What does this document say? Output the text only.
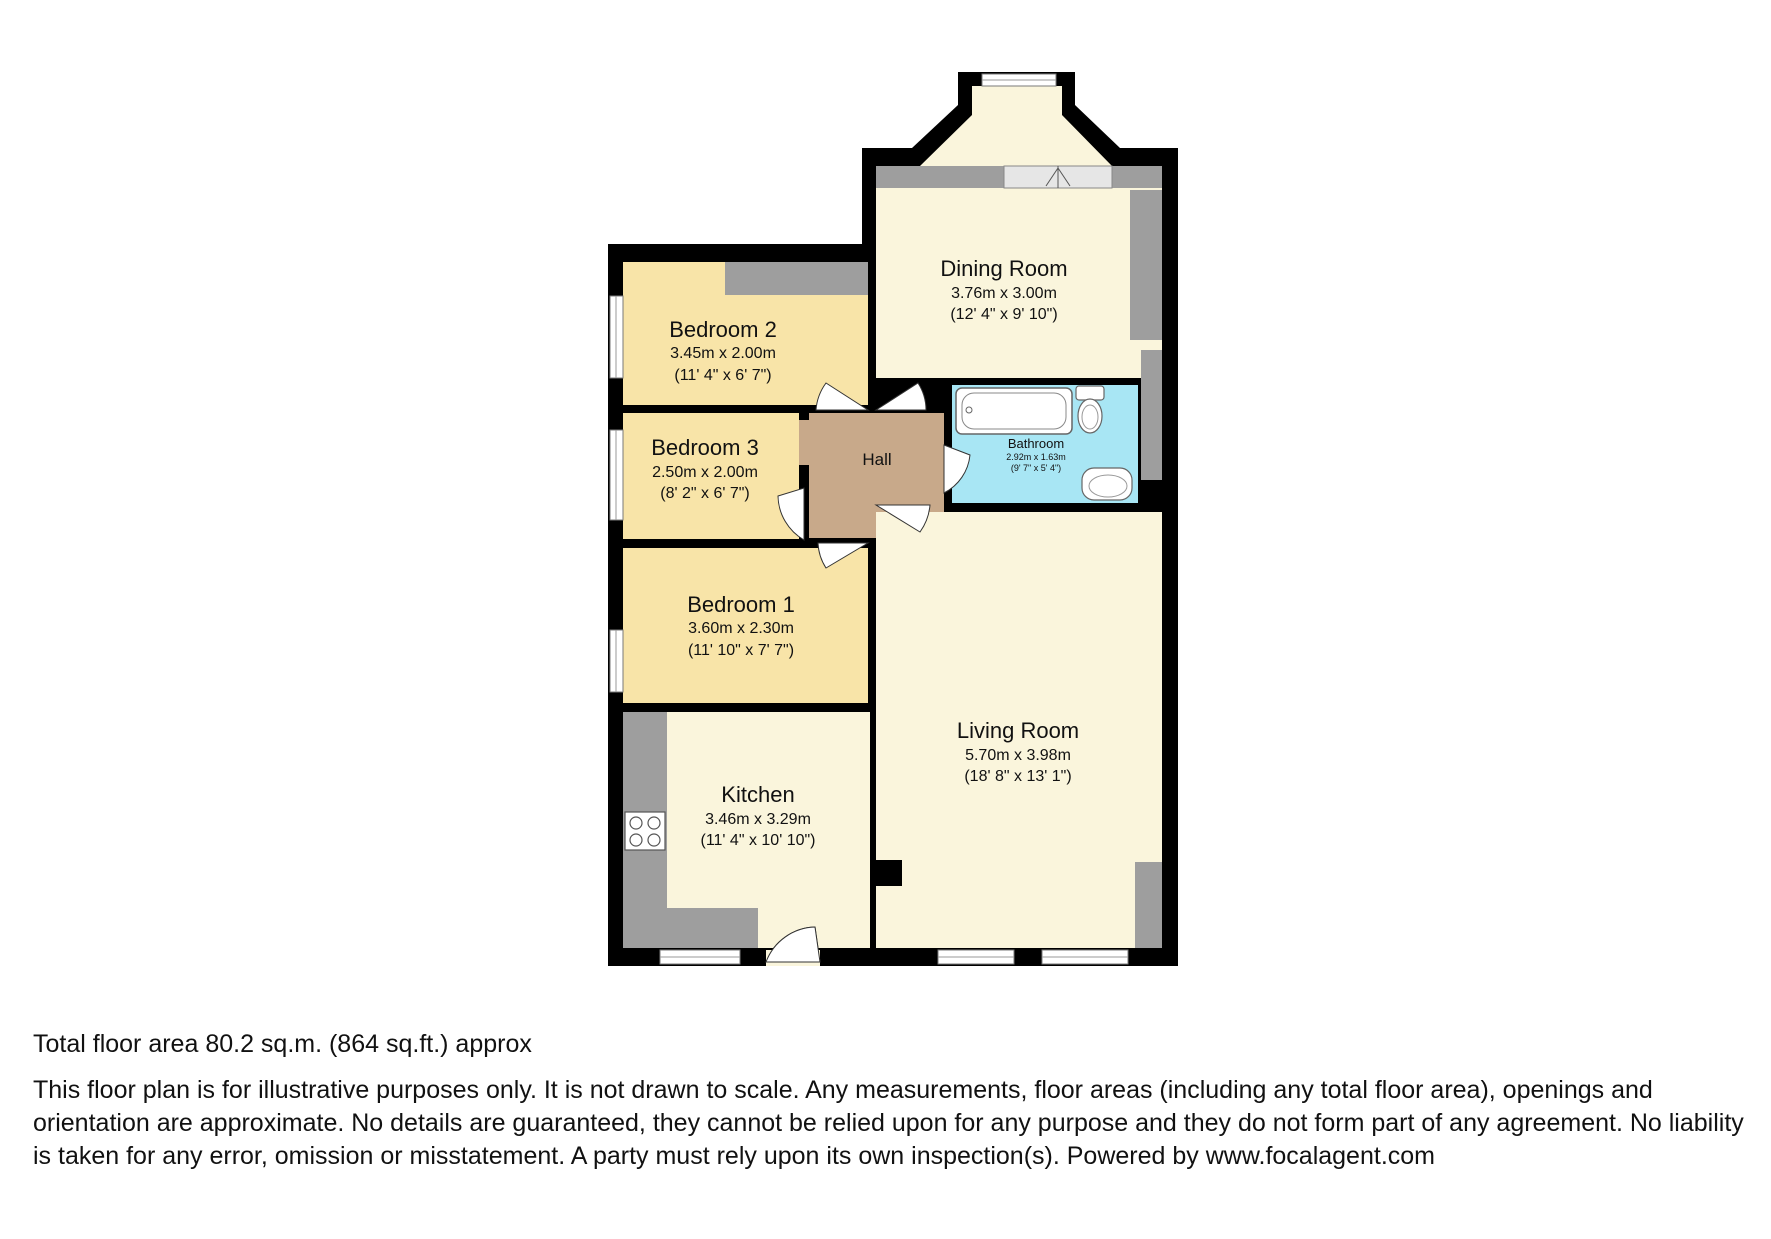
Dining Room
3.76m x 3.00m
(12' 4" x 9' 10")
Bedroom 2
3.45m x 2.00m
(11' 4" x 6' 7")
Bedroom 3
2.50m x 2.00m
(8' 2" x 6' 7")
Hall
Bathroom
2.92m x 1.63m
(9' 7" x 5' 4")
Bedroom 1
3.60m x 2.30m
(11' 10" x 7' 7")
Living Room
5.70m x 3.98m
(18' 8" x 13' 1")
Kitchen
3.46m x 3.29m
(11' 4" x 10' 10")

Total floor area 80.2 sq.m. (864 sq.ft.) approx

This floor plan is for illustrative purposes only. It is not drawn to scale. Any measurements, floor areas (including any total floor area), openings and orientation are approximate. No details are guaranteed, they cannot be relied upon for any purpose and they do not form part of any agreement. No liability is taken for any error, omission or misstatement. A party must rely upon its own inspection(s). Powered by www.focalagent.com
